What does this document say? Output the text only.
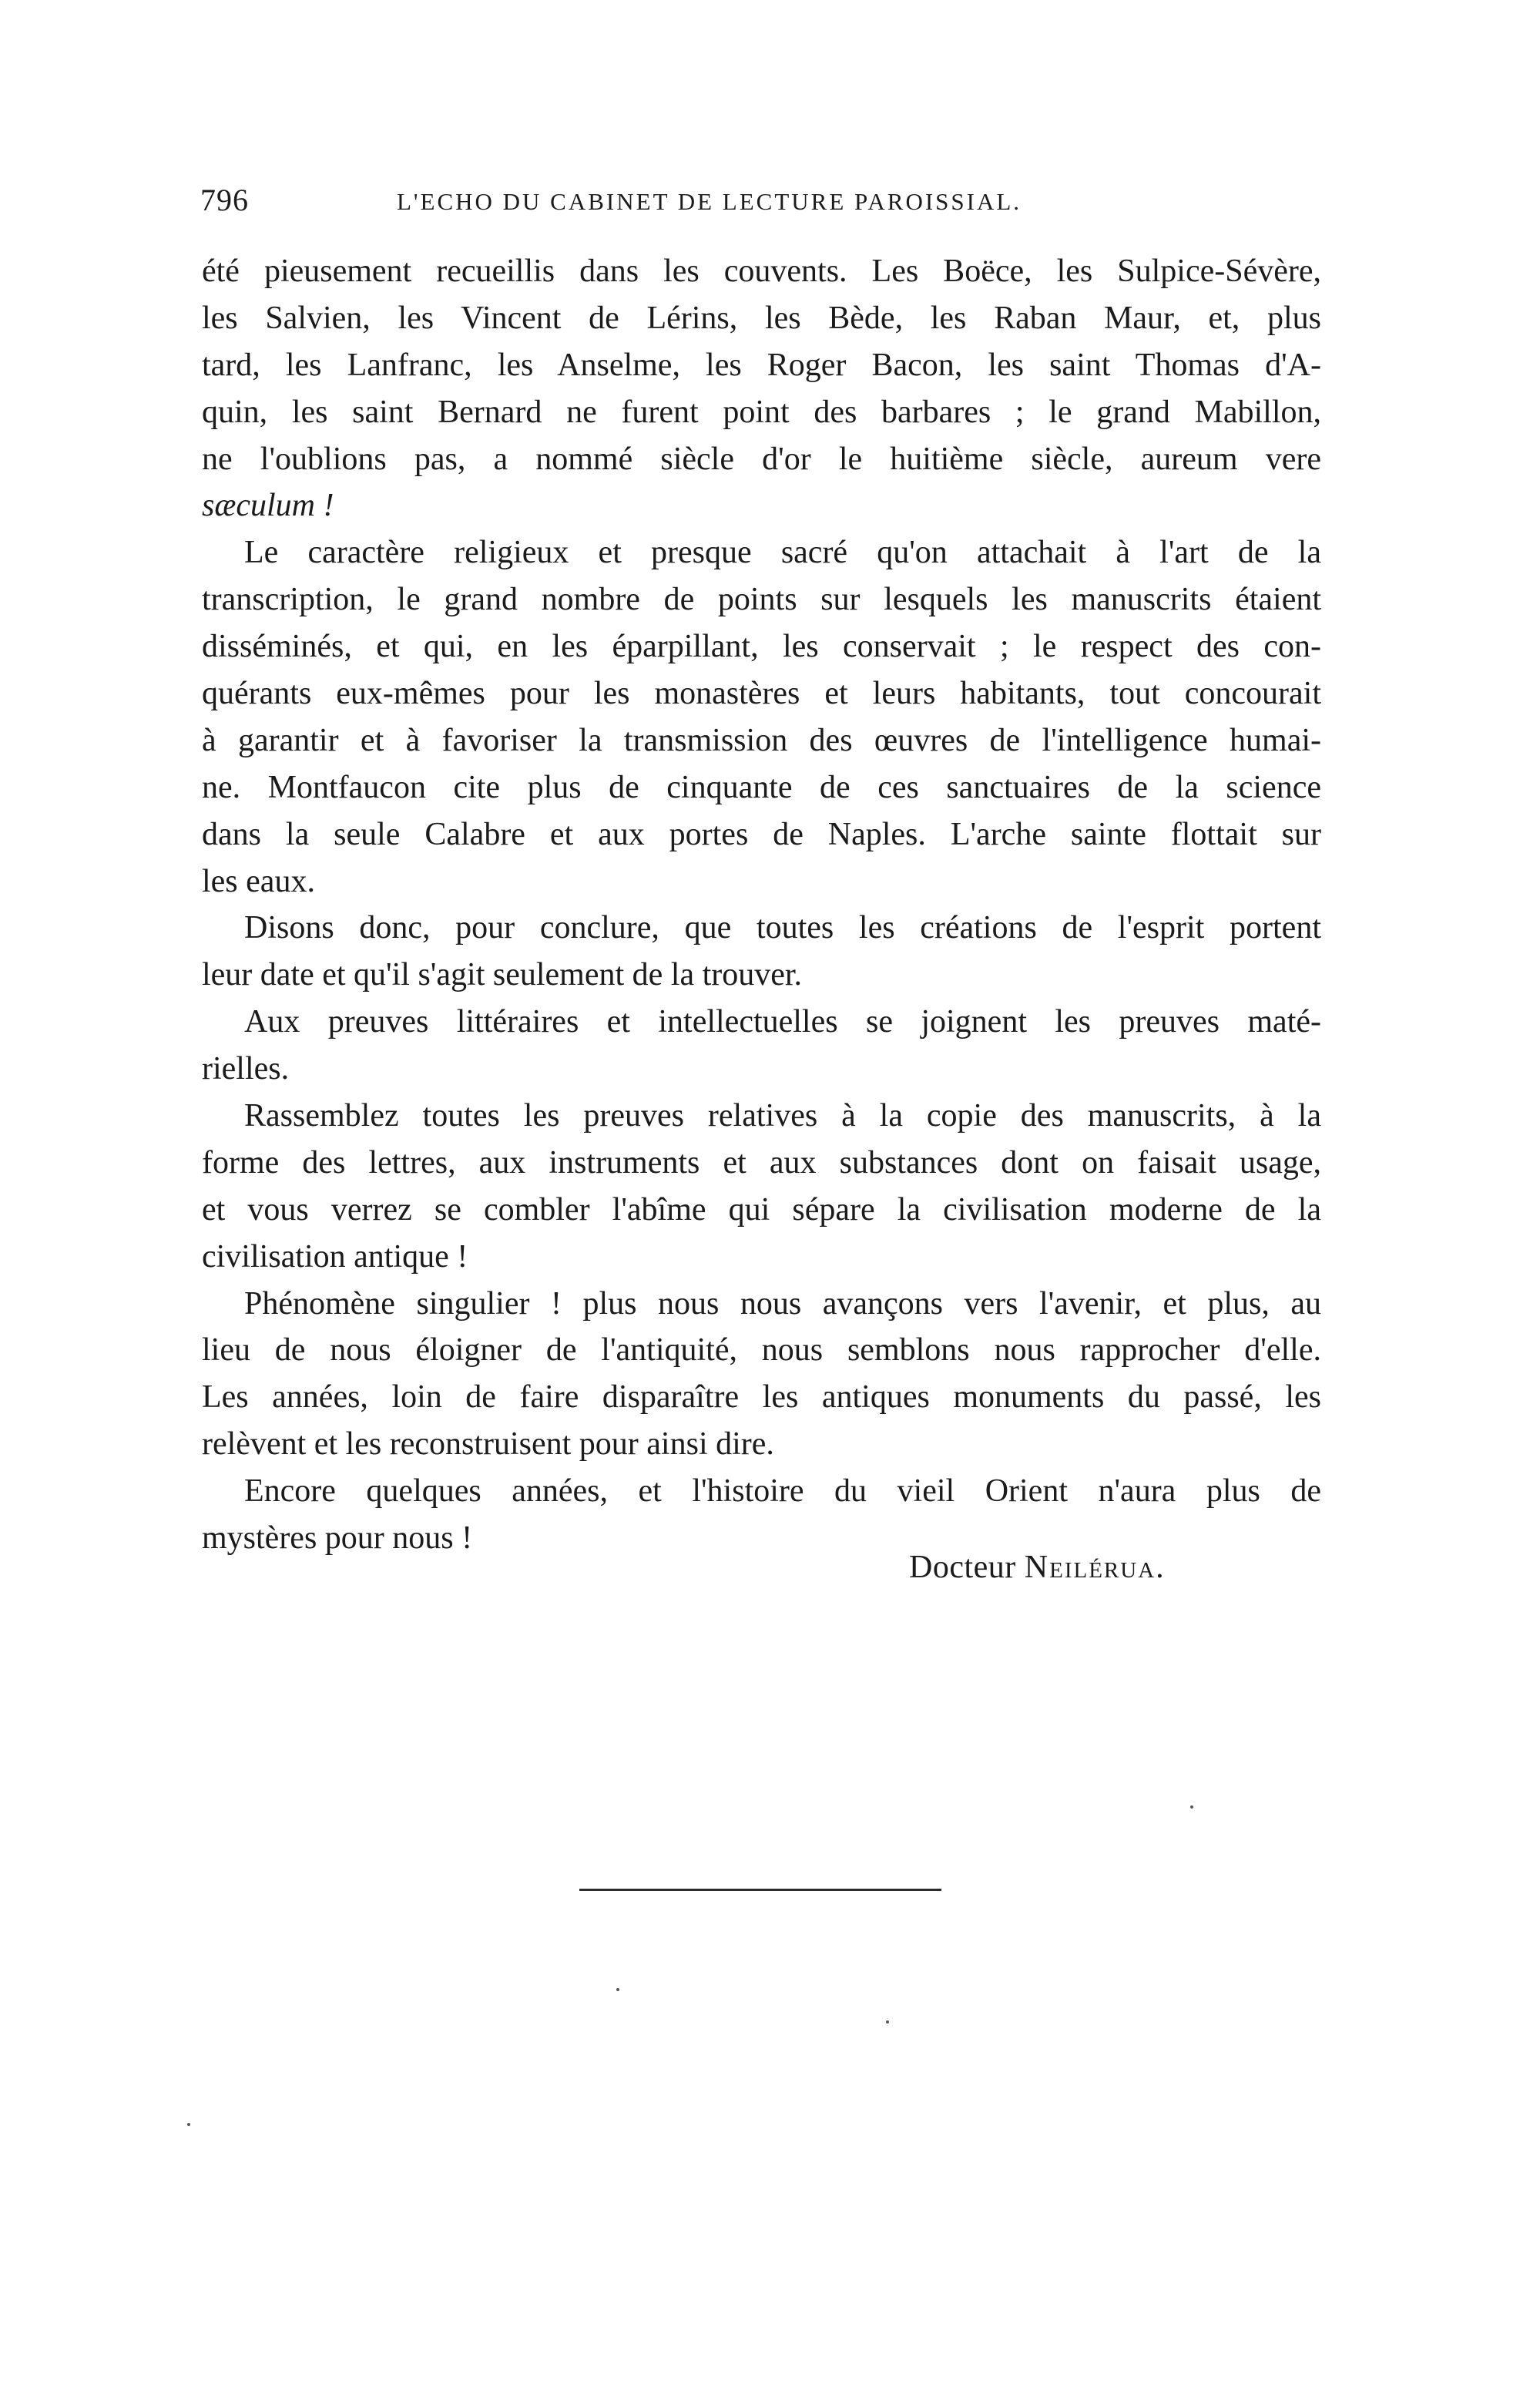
796	L'ECHO DU CABINET DE LECTURE PAROISSIAL.
été pieusement recueillis dans les couvents. Les Boëce, les Sulpice-Sévère,
les Salvien, les Vincent de Lérins, les Bède, les Raban Maur, et, plus
tard, les Lanfranc, les Anselme, les Roger Bacon, les saint Thomas d'A-
quin, les saint Bernard ne furent point des barbares ; le grand Mabillon,
ne l'oublions pas, a nommé siècle d'or le huitième siècle, aureum vere
sæculum !
Le caractère religieux et presque sacré qu'on attachait à l'art de la
transcription, le grand nombre de points sur lesquels les manuscrits étaient
disséminés, et qui, en les éparpillant, les conservait ; le respect des con-
quérants eux-mêmes pour les monastères et leurs habitants, tout concourait
à garantir et à favoriser la transmission des œuvres de l'intelligence humai-
ne. Montfaucon cite plus de cinquante de ces sanctuaires de la science
dans la seule Calabre et aux portes de Naples. L'arche sainte flottait sur
les eaux.
Disons donc, pour conclure, que toutes les créations de l'esprit portent
leur date et qu'il s'agit seulement de la trouver.
Aux preuves littéraires et intellectuelles se joignent les preuves maté-
rielles.
Rassemblez toutes les preuves relatives à la copie des manuscrits, à la
forme des lettres, aux instruments et aux substances dont on faisait usage,
et vous verrez se combler l'abîme qui sépare la civilisation moderne de la
civilisation antique !
Phénomène singulier ! plus nous nous avançons vers l'avenir, et plus, au
lieu de nous éloigner de l'antiquité, nous semblons nous rapprocher d'elle.
Les années, loin de faire disparaître les antiques monuments du passé, les
relèvent et les reconstruisent pour ainsi dire.
Encore quelques années, et l'histoire du vieil Orient n'aura plus de
mystères pour nous !
Docteur Neiléruа.
